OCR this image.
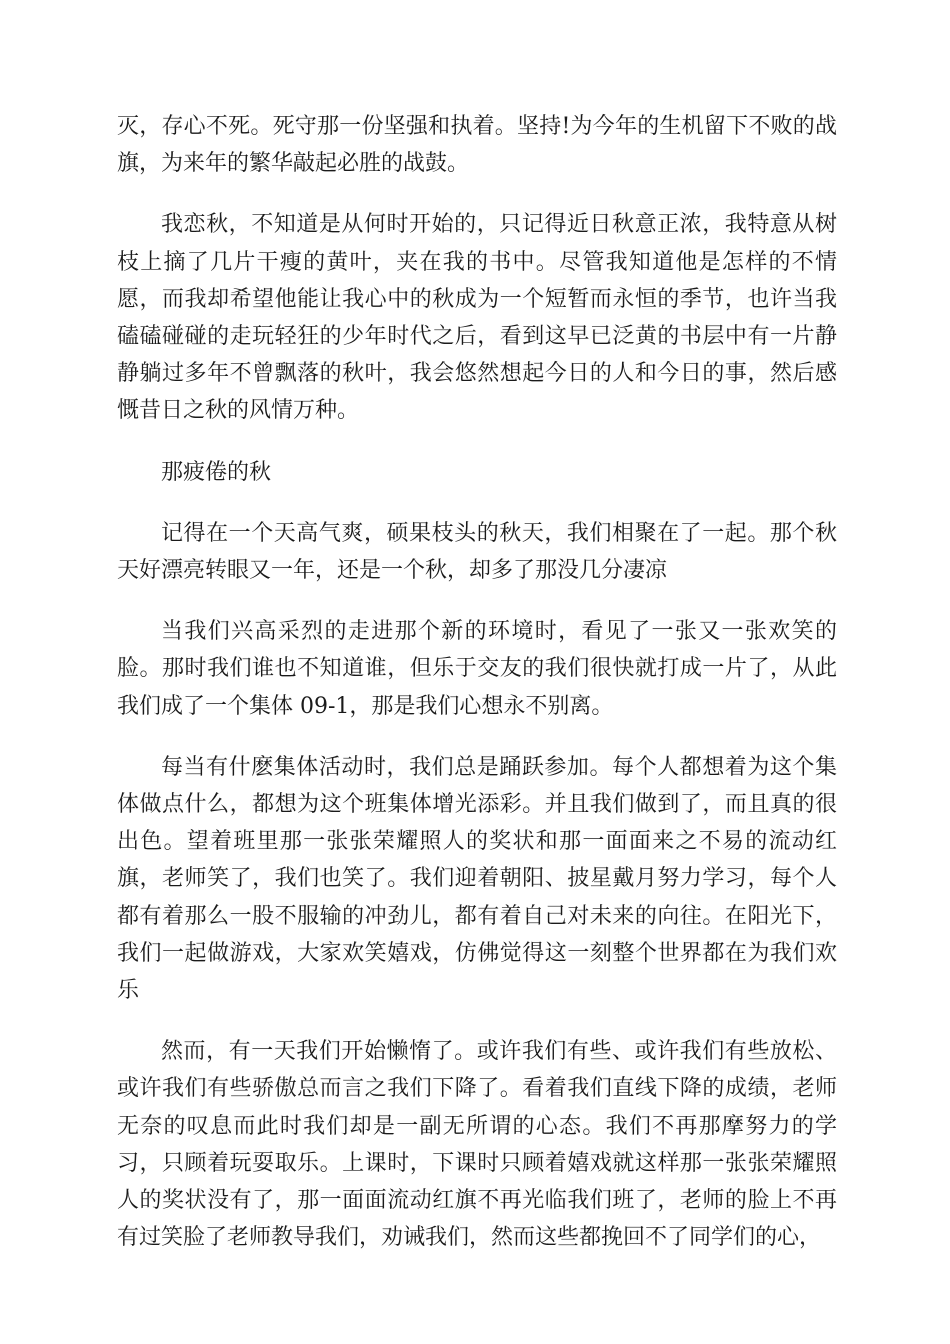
灭，存心不死。死守那一份坚强和执着。坚持!为今年的生机留下不败的战旗，为来年的繁华敲起必胜的战鼓。

我恋秋，不知道是从何时开始的，只记得近日秋意正浓，我特意从树枝上摘了几片干瘦的黄叶，夹在我的书中。尽管我知道他是怎样的不情愿，而我却希望他能让我心中的秋成为一个短暂而永恒的季节，也许当我磕磕碰碰的走玩轻狂的少年时代之后，看到这早已泛黄的书层中有一片静静躺过多年不曾飘落的秋叶，我会悠然想起今日的人和今日的事，然后感慨昔日之秋的风情万种。

那疲倦的秋

记得在一个天高气爽，硕果枝头的秋天，我们相聚在了一起。那个秋天好漂亮转眼又一年，还是一个秋，却多了那没几分凄凉

当我们兴高采烈的走进那个新的环境时，看见了一张又一张欢笑的脸。那时我们谁也不知道谁，但乐于交友的我们很快就打成一片了，从此我们成了一个集体 09-1，那是我们心想永不别离。

每当有什麽集体活动时，我们总是踊跃参加。每个人都想着为这个集体做点什么，都想为这个班集体增光添彩。并且我们做到了，而且真的很出色。望着班里那一张张荣耀照人的奖状和那一面面来之不易的流动红旗，老师笑了，我们也笑了。我们迎着朝阳、披星戴月努力学习，每个人都有着那么一股不服输的冲劲儿，都有着自己对未来的向往。在阳光下，我们一起做游戏，大家欢笑嬉戏，仿佛觉得这一刻整个世界都在为我们欢乐

然而，有一天我们开始懒惰了。或许我们有些、或许我们有些放松、或许我们有些骄傲总而言之我们下降了。看着我们直线下降的成绩，老师无奈的叹息而此时我们却是一副无所谓的心态。我们不再那摩努力的学习，只顾着玩耍取乐。上课时，下课时只顾着嬉戏就这样那一张张荣耀照人的奖状没有了，那一面面流动红旗不再光临我们班了，老师的脸上不再有过笑脸了老师教导我们，劝诫我们，然而这些都挽回不了同学们的心，
